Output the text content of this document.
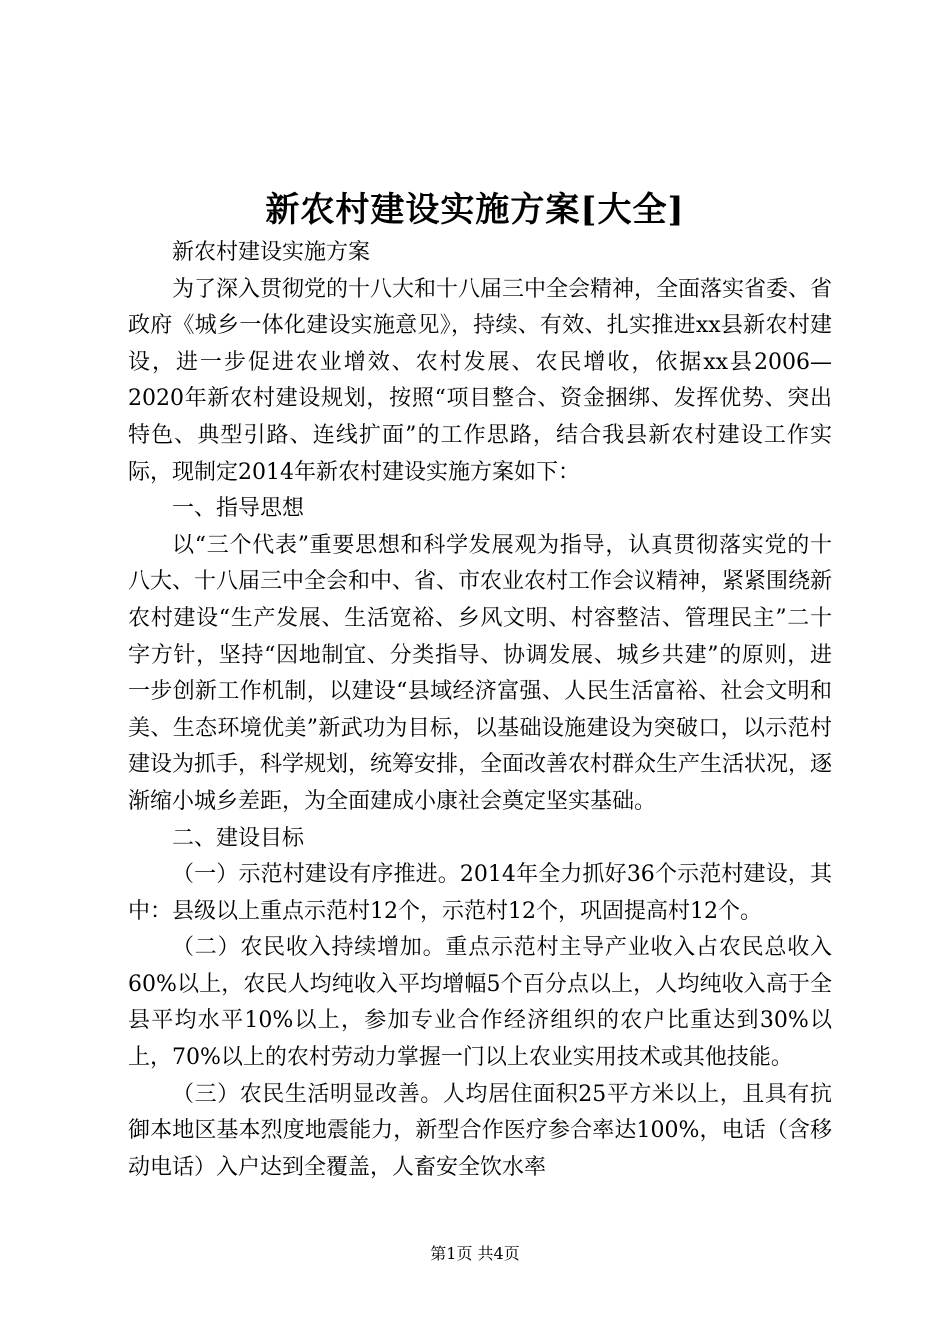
新农村建设实施方案[大全]

新农村建设实施方案

为了深入贯彻党的十八大和十八届三中全会精神，全面落实省委、省政府《城乡一体化建设实施意见》，持续、有效、扎实推进xx县新农村建设，进一步促进农业增效、农村发展、农民增收，依据xx县2006—2020年新农村建设规划，按照“项目整合、资金捆绑、发挥优势、突出特色、典型引路、连线扩面”的工作思路，结合我县新农村建设工作实际，现制定2014年新农村建设实施方案如下：

一、指导思想

以“三个代表”重要思想和科学发展观为指导，认真贯彻落实党的十八大、十八届三中全会和中、省、市农业农村工作会议精神，紧紧围绕新农村建设“生产发展、生活宽裕、乡风文明、村容整洁、管理民主”二十字方针，坚持“因地制宜、分类指导、协调发展、城乡共建”的原则，进一步创新工作机制，以建设“县域经济富强、人民生活富裕、社会文明和美、生态环境优美”新武功为目标，以基础设施建设为突破口，以示范村建设为抓手，科学规划，统筹安排，全面改善农村群众生产生活状况，逐渐缩小城乡差距，为全面建成小康社会奠定坚实基础。

二、建设目标

（一）示范村建设有序推进。2014年全力抓好36个示范村建设，其中：县级以上重点示范村12个，示范村12个，巩固提高村12个。

（二）农民收入持续增加。重点示范村主导产业收入占农民总收入60%以上，农民人均纯收入平均增幅5个百分点以上，人均纯收入高于全县平均水平10%以上，参加专业合作经济组织的农户比重达到30%以上，70%以上的农村劳动力掌握一门以上农业实用技术或其他技能。

（三）农民生活明显改善。人均居住面积25平方米以上，且具有抗御本地区基本烈度地震能力，新型合作医疗参合率达100%，电话（含移动电话）入户达到全覆盖，人畜安全饮水率

第1页 共4页
